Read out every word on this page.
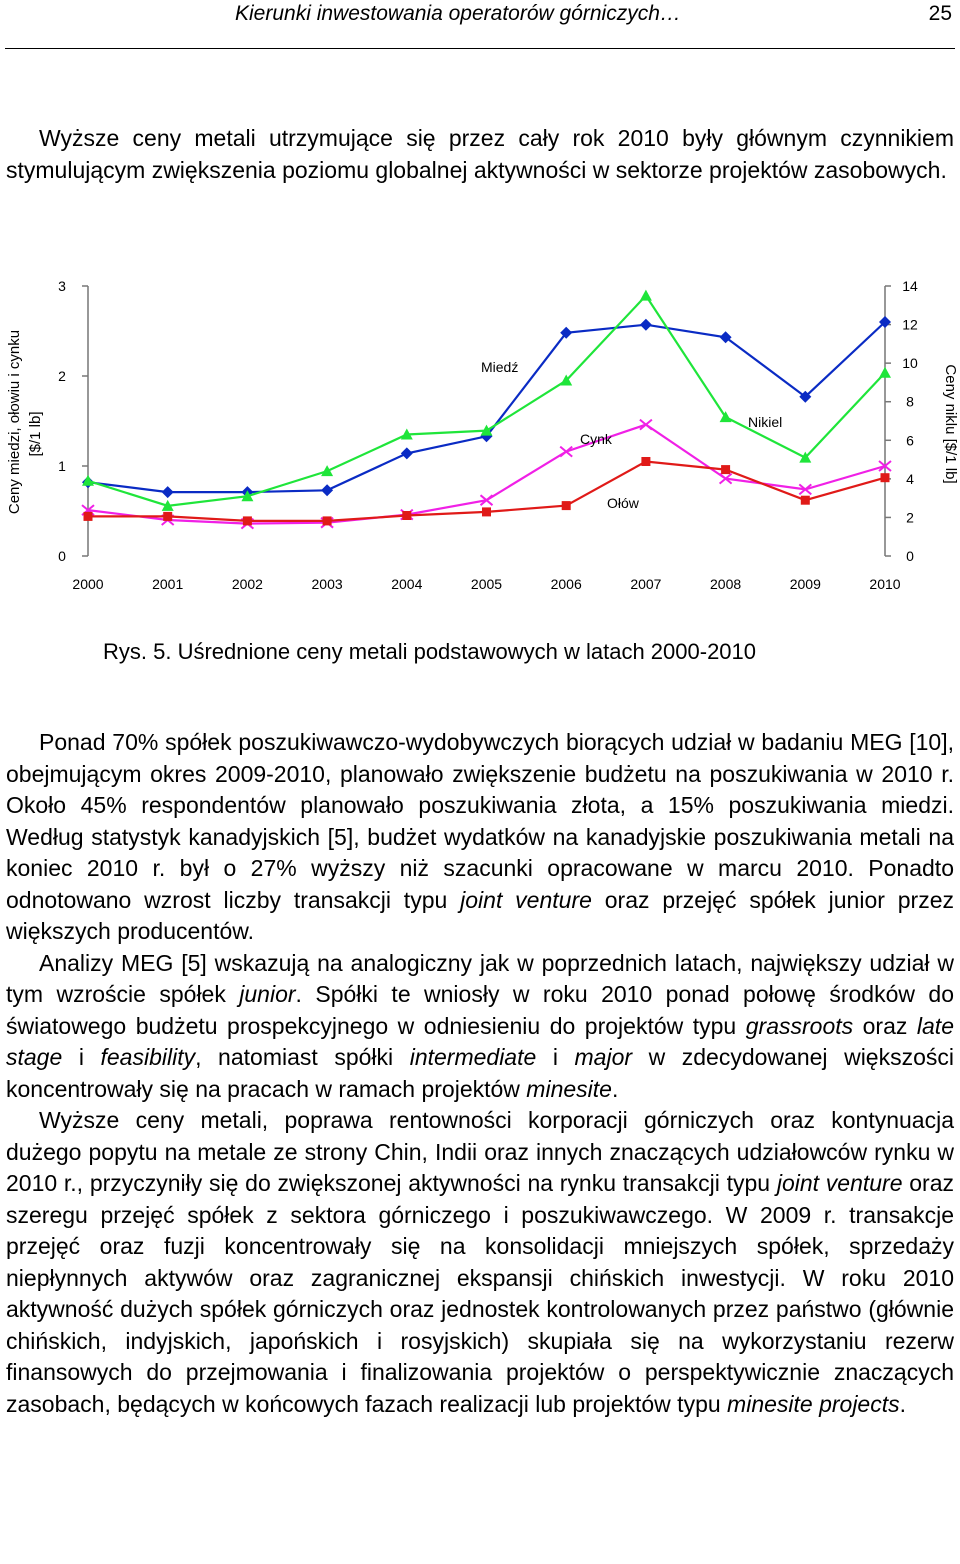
Kierunki inwestowania operatorów górniczych…	25

Wyższe ceny metali utrzymujące się przez cały rok 2010 były głównym czynnikiem stymulującym zwiększenia poziomu globalnej aktywności w sektorze projektów zasobowych.

Ceny miedzi, ołowiu i cynku [$/1 lb]	Ceny niklu [$/1 lb]
0
1
2
3
0
2
4
6
8
10
12
14
2000	2001	2002	2003	2004	2005	2006	2007	2008	2009	2010
Miedź
Nikiel
Cynk
Ołów
Rys. 5. Uśrednione ceny metali podstawowych w latach 2000-2010
Ponad 70% spółek poszukiwawczo-wydobywczych biorących udział w badaniu MEG [10], obejmującym okres 2009-2010, planowało zwiększenie budżetu na poszukiwania w 2010 r. Około 45% respondentów planowało poszukiwania złota, a 15% poszukiwania miedzi. Według statystyk kanadyjskich [5], budżet wydatków na kanadyjskie poszukiwania metali na koniec 2010 r. był o 27% wyższy niż szacunki opracowane w marcu 2010. Ponadto odnotowano wzrost liczby transakcji typu joint venture oraz przejęć spółek junior przez większych producentów.
Analizy MEG [5] wskazują na analogiczny jak w poprzednich latach, największy udział w tym wzroście spółek junior. Spółki te wniosły w roku 2010 ponad połowę środków do światowego budżetu prospekcyjnego w odniesieniu do projektów typu grassroots oraz late stage i feasibility, natomiast spółki intermediate i major w zdecydowanej większości koncentrowały się na pracach w ramach projektów minesite.
Wyższe ceny metali, poprawa rentowności korporacji górniczych oraz kontynuacja dużego popytu na metale ze strony Chin, Indii oraz innych znaczących udziałowców rynku w 2010 r., przyczyniły się do zwiększonej aktywności na rynku transakcji typu joint venture oraz szeregu przejęć spółek z sektora górniczego i poszukiwawczego. W 2009 r. transakcje przejęć oraz fuzji koncentrowały się na konsolidacji mniejszych spółek, sprzedaży niepłynnych aktywów oraz zagranicznej ekspansji chińskich inwestycji. W roku 2010 aktywność dużych spółek górniczych oraz jednostek kontrolowanych przez państwo (głównie chińskich, indyjskich, japońskich i rosyjskich) skupiała się na wykorzystaniu rezerw finansowych do przejmowania i finalizowania projektów o perspektywicznie znaczących zasobach, będących w końcowych fazach realizacji lub projektów typu minesite projects.
